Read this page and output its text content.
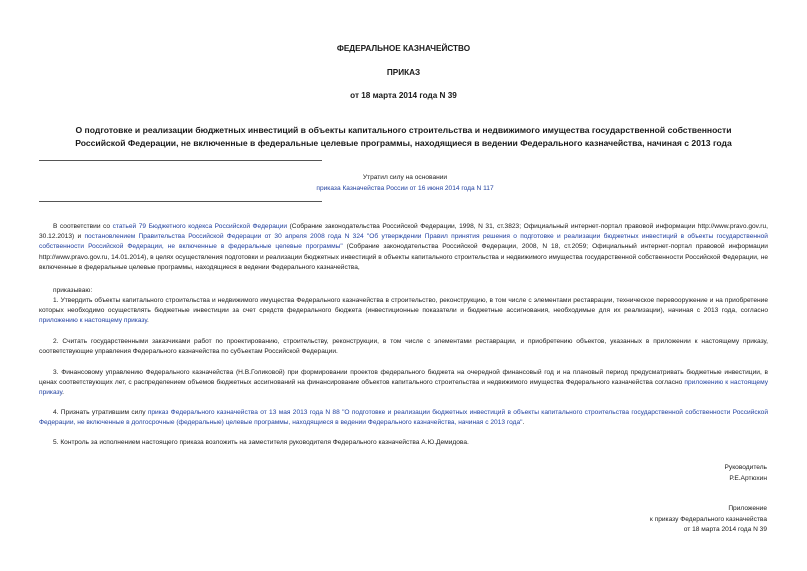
ФЕДЕРАЛЬНОЕ КАЗНАЧЕЙСТВО
ПРИКАЗ
от 18 марта 2014 года N 39
О подготовке и реализации бюджетных инвестиций в объекты капитального строительства и недвижимого имущества государственной собственности
Российской Федерации, не включенные в федеральные целевые программы, находящиеся в ведении Федерального казначейства, начиная с 2013 года
Утратил силу на основании
приказа Казначейства России от 16 июня 2014 года N 117
В соответствии со статьей 79 Бюджетного кодекса Российской Федерации (Собрание законодательства Российской Федерации, 1998, N 31, ст.3823; Официальный интернет-портал правовой информации http://www.pravo.gov.ru, 30.12.2013) и постановлением Правительства Российской Федерации от 30 апреля 2008 года N 324 "Об утверждении Правил принятия решения о подготовке и реализации бюджетных инвестиций в объекты государственной собственности Российской Федерации, не включенные в федеральные целевые программы" (Собрание законодательства Российской Федерации, 2008, N 18, ст.2059; Официальный интернет-портал правовой информации http://www.pravo.gov.ru, 14.01.2014), в целях осуществления подготовки и реализации бюджетных инвестиций в объекты капитального строительства и недвижимого имущества государственной собственности Российской Федерации, не включенные в федеральные целевые программы, находящиеся в ведении Федерального казначейства,
приказываю:
1. Утвердить объекты капитального строительства и недвижимого имущества Федерального казначейства в строительство, реконструкцию, в том числе с элементами реставрации, техническое перевооружение и на приобретение которых необходимо осуществлять бюджетные инвестиции за счет средств федерального бюджета (инвестиционные показатели и бюджетные ассигнования, необходимые для их реализации), начиная с 2013 года, согласно приложению к настоящему приказу.
2. Считать государственными заказчиками работ по проектированию, строительству, реконструкции, в том числе с элементами реставрации, и приобретению объектов, указанных в приложении к настоящему приказу, соответствующие управления Федерального казначейства по субъектам Российской Федерации.
3. Финансовому управлению Федерального казначейства (Н.В.Голиковой) при формировании проектов федерального бюджета на очередной финансовый год и на плановый период предусматривать бюджетные инвестиции, в ценах соответствующих лет, с распределением объемов бюджетных ассигнований на финансирование объектов капитального строительства и недвижимого имущества Федерального казначейства согласно приложению к настоящему приказу.
4. Признать утратившим силу приказ Федерального казначейства от 13 мая 2013 года N 88 "О подготовке и реализации бюджетных инвестиций в объекты капитального строительства государственной собственности Российской Федерации, не включенные в долгосрочные (федеральные) целевые программы, находящиеся в ведении Федерального казначейства, начиная с 2013 года".
5. Контроль за исполнением настоящего приказа возложить на заместителя руководителя Федерального казначейства А.Ю.Демидова.
Руководитель
Р.Е.Артюхин
Приложение
к приказу Федерального казначейства
от 18 марта 2014 года N 39
